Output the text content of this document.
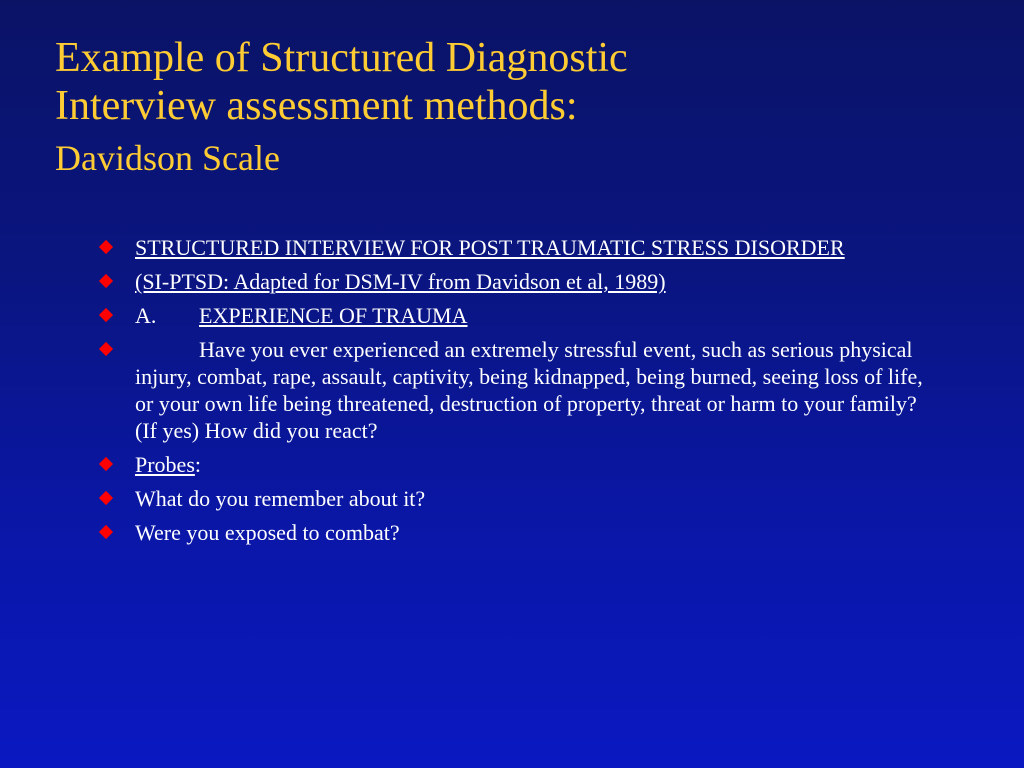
Example of Structured Diagnostic
Interview assessment methods:
Davidson Scale
STRUCTURED INTERVIEW FOR POST TRAUMATIC STRESS DISORDER
(SI-PTSD: Adapted for DSM-IV from Davidson et al, 1989)
A. EXPERIENCE OF TRAUMA
Have you ever experienced an extremely stressful event, such as serious physical injury, combat, rape, assault, captivity, being kidnapped, being burned, seeing loss of life, or your own life being threatened, destruction of property, threat or harm to your family? (If yes) How did you react?
Probes:
What do you remember about it?
Were you exposed to combat?
